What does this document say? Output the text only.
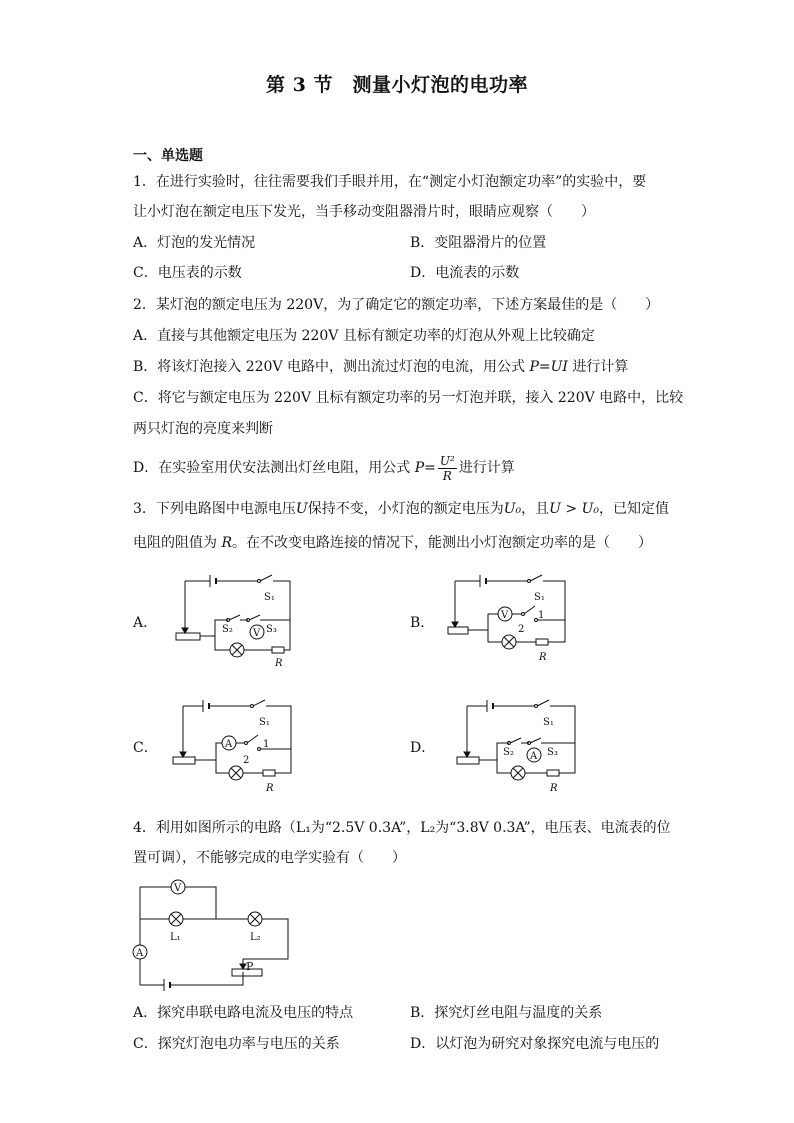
第 3 节　测量小灯泡的电功率
一、单选题
1．在进行实验时，往往需要我们手眼并用，在“测定小灯泡额定功率”的实验中，要
让小灯泡在额定电压下发光，当手移动变阻器滑片时，眼睛应观察（　　）
A．灯泡的发光情况	B．变阻器滑片的位置
C．电压表的示数	D．电流表的示数
2．某灯泡的额定电压为 220V，为了确定它的额定功率，下述方案最佳的是（　　）
A．直接与其他额定电压为 220V 且标有额定功率的灯泡从外观上比较确定
B．将该灯泡接入 220V 电路中，测出流过灯泡的电流，用公式 P=UI 进行计算
C．将它与额定电压为 220V 且标有额定功率的另一灯泡并联，接入 220V 电路中，比较
两只灯泡的亮度来判断
D．在实验室用伏安法测出灯丝电阻，用公式 $P= \frac{\text{U²}}{R}$ 进行计算
3．下列电路图中电源电压U保持不变，小灯泡的额定电压为U₀，且U > U₀，已知定值
电阻的阻值为 R。在不改变电路连接的情况下，能测出小灯泡额定功率的是（　　）
A．	B．
C．	D．
S₁
S₂	S₃
V
R
S₁
V	1
2
R
S₁
A	1
2
R
S₁
S₂	S₃
A
R
4．利用如图所示的电路（L₁为“2.5V 0.3A”，L₂为“3.8V 0.3A”，电压表、电流表的位
置可调），不能够完成的电学实验有（　　）
V
L₁	L₂
A
P
A．探究串联电路电流及电压的特点	B．探究灯丝电阻与温度的关系
C．探究灯泡电功率与电压的关系	D．以灯泡为研究对象探究电流与电压的
